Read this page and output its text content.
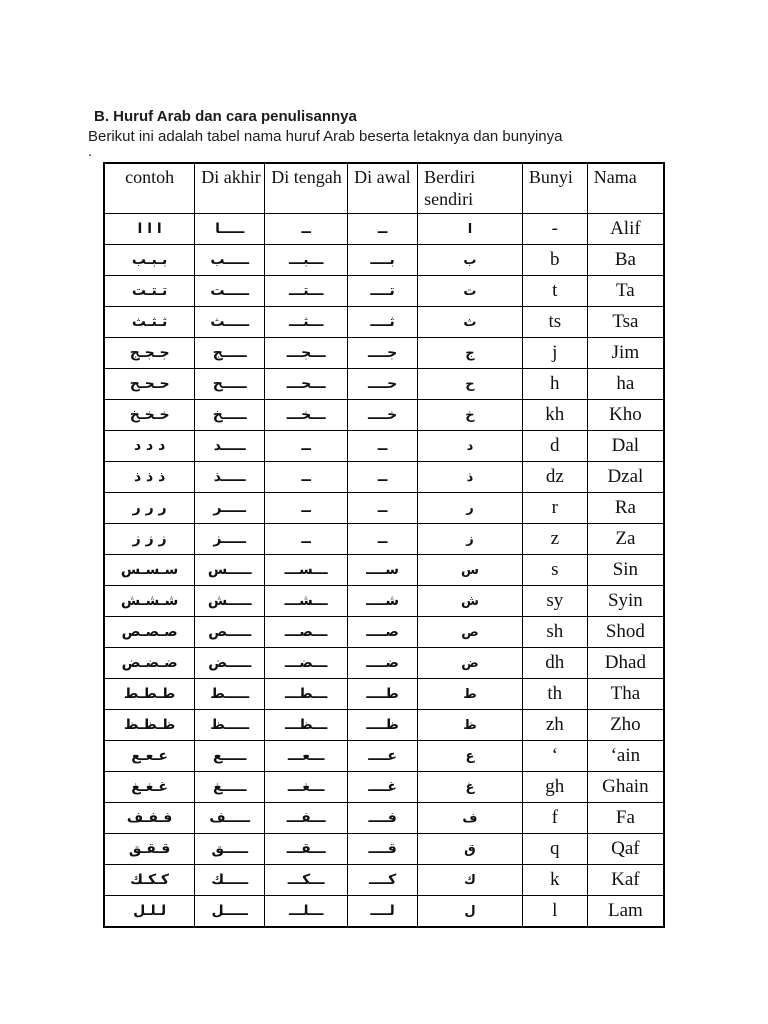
B. Huruf Arab dan cara penulisannya
Berikut ini adalah tabel nama huruf Arab beserta letaknya dan bunyinya
.
contoh	Di akhir	Di tengah	Di awal	Berdiri sendiri	Bunyi	Nama
ا ا ا	ـــــا	ــ	ــ	ا	-	Alif
بـبـب	ـــــب	ـــبـــ	بــــ	ب	b	Ba
تـتـت	ـــــت	ـــتـــ	تــــ	ت	t	Ta
ثـثـث	ـــــث	ـــثـــ	ثــــ	ث	ts	Tsa
جـجـج	ـــــج	ـــجـــ	جــــ	ج	j	Jim
حـحـح	ـــــح	ـــحـــ	حــــ	ح	h	ha
خـخـخ	ـــــخ	ـــخـــ	خــــ	خ	kh	Kho
د د د	ـــــد	ــ	ــ	د	d	Dal
ذ ذ ذ	ـــــذ	ــ	ــ	ذ	dz	Dzal
ر ر ر	ـــــر	ــ	ــ	ر	r	Ra
ز ز ز	ـــــز	ــ	ــ	ز	z	Za
سـسـس	ـــــس	ـــســـ	ســــ	س	s	Sin
شـشـش	ـــــش	ـــشـــ	شــــ	ش	sy	Syin
صـصـص	ـــــص	ـــصـــ	صــــ	ص	sh	Shod
ضـضـض	ـــــض	ـــضـــ	ضــــ	ض	dh	Dhad
طـطـط	ـــــط	ـــطـــ	طــــ	ط	th	Tha
ظـظـظ	ـــــظ	ـــظـــ	ظــــ	ظ	zh	Zho
عـعـع	ـــــع	ـــعـــ	عــــ	ع	‘	‘ain
غـغـغ	ـــــغ	ـــغـــ	غــــ	غ	gh	Ghain
فـفـف	ـــــف	ـــفـــ	فــــ	ف	f	Fa
قـقـق	ـــــق	ـــقـــ	قــــ	ق	q	Qaf
كـكـك	ـــــك	ـــكـــ	كــــ	ك	k	Kaf
لـلـل	ـــــل	ـــلـــ	لــــ	ل	l	Lam
